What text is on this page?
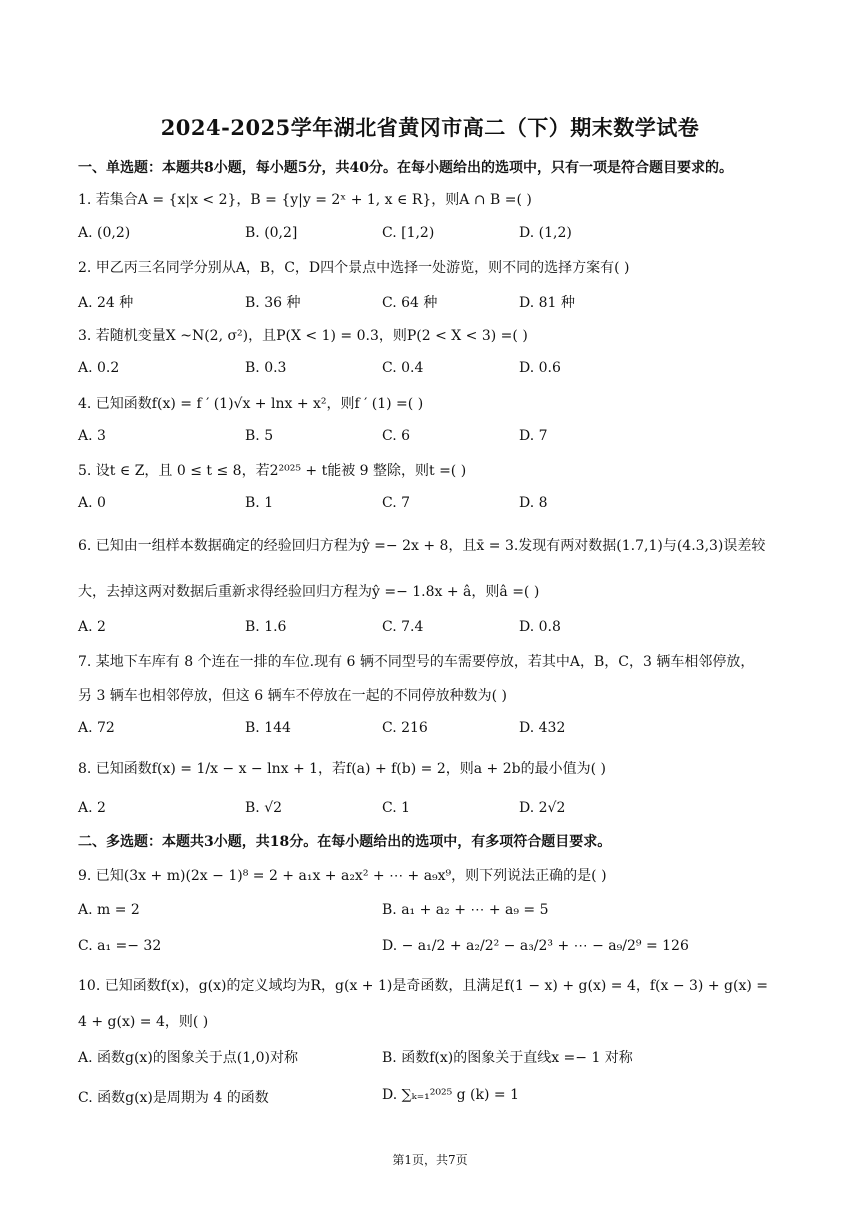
2024-2025学年湖北省黄冈市高二（下）期末数学试卷
一、单选题：本题共8小题，每小题5分，共40分。在每小题给出的选项中，只有一项是符合题目要求的。
1. 若集合A = {x|x < 2}，B = {y|y = 2ˣ + 1, x ∈ R}，则A ∩ B =( )
A. (0,2)	B. (0,2]	C. [1,2)	D. (1,2)
2. 甲乙丙三名同学分别从A，B，C，D四个景点中选择一处游览，则不同的选择方案有( )
A. 24 种	B. 36 种	C. 64 种	D. 81 种
3. 若随机变量X ~N(2, σ²)，且P(X < 1) = 0.3，则P(2 < X < 3) =( )
A. 0.2	B. 0.3	C. 0.4	D. 0.6
4. 已知函数f(x) = f ′ (1)√x + lnx + x²，则f ′ (1) =( )
A. 3	B. 5	C. 6	D. 7
5. 设t ∈ Z，且 0 ≤ t ≤ 8，若2²⁰²⁵ + t能被 9 整除，则t =( )
A. 0	B. 1	C. 7	D. 8
6. 已知由一组样本数据确定的经验回归方程为ŷ =− 2x + 8，且x̄ = 3.发现有两对数据(1.7,1)与(4.3,3)误差较
大，去掉这两对数据后重新求得经验回归方程为ŷ =− 1.8x + â，则â =( )
A. 2	B. 1.6	C. 7.4	D. 0.8
7. 某地下车库有 8 个连在一排的车位.现有 6 辆不同型号的车需要停放，若其中A，B，C，3 辆车相邻停放，
另 3 辆车也相邻停放，但这 6 辆车不停放在一起的不同停放种数为( )
A. 72	B. 144	C. 216	D. 432
8. 已知函数f(x) = 1/x − x − lnx + 1，若f(a) + f(b) = 2，则a + 2b的最小值为( )
A. 2	B. √2	C. 1	D. 2√2
二、多选题：本题共3小题，共18分。在每小题给出的选项中，有多项符合题目要求。
9. 已知(3x + m)(2x − 1)⁸ = 2 + a₁x + a₂x² + ⋯ + a₉x⁹，则下列说法正确的是( )
A. m = 2	B. a₁ + a₂ + ⋯ + a₉ = 5
C. a₁ =− 32	D. − a₁/2 + a₂/2² − a₃/2³ + ⋯ − a₉/2⁹ = 126
10. 已知函数f(x)，g(x)的定义域均为R，g(x + 1)是奇函数，且满足f(1 − x) + g(x) = 4，f(x − 3) + g(x) =
4 + g(x) = 4，则( )
A. 函数g(x)的图象关于点(1,0)对称	B. 函数f(x)的图象关于直线x =− 1 对称
C. 函数g(x)是周期为 4 的函数	D. ∑ₖ₌₁²⁰²⁵ g (k) = 1
第1页，共7页
